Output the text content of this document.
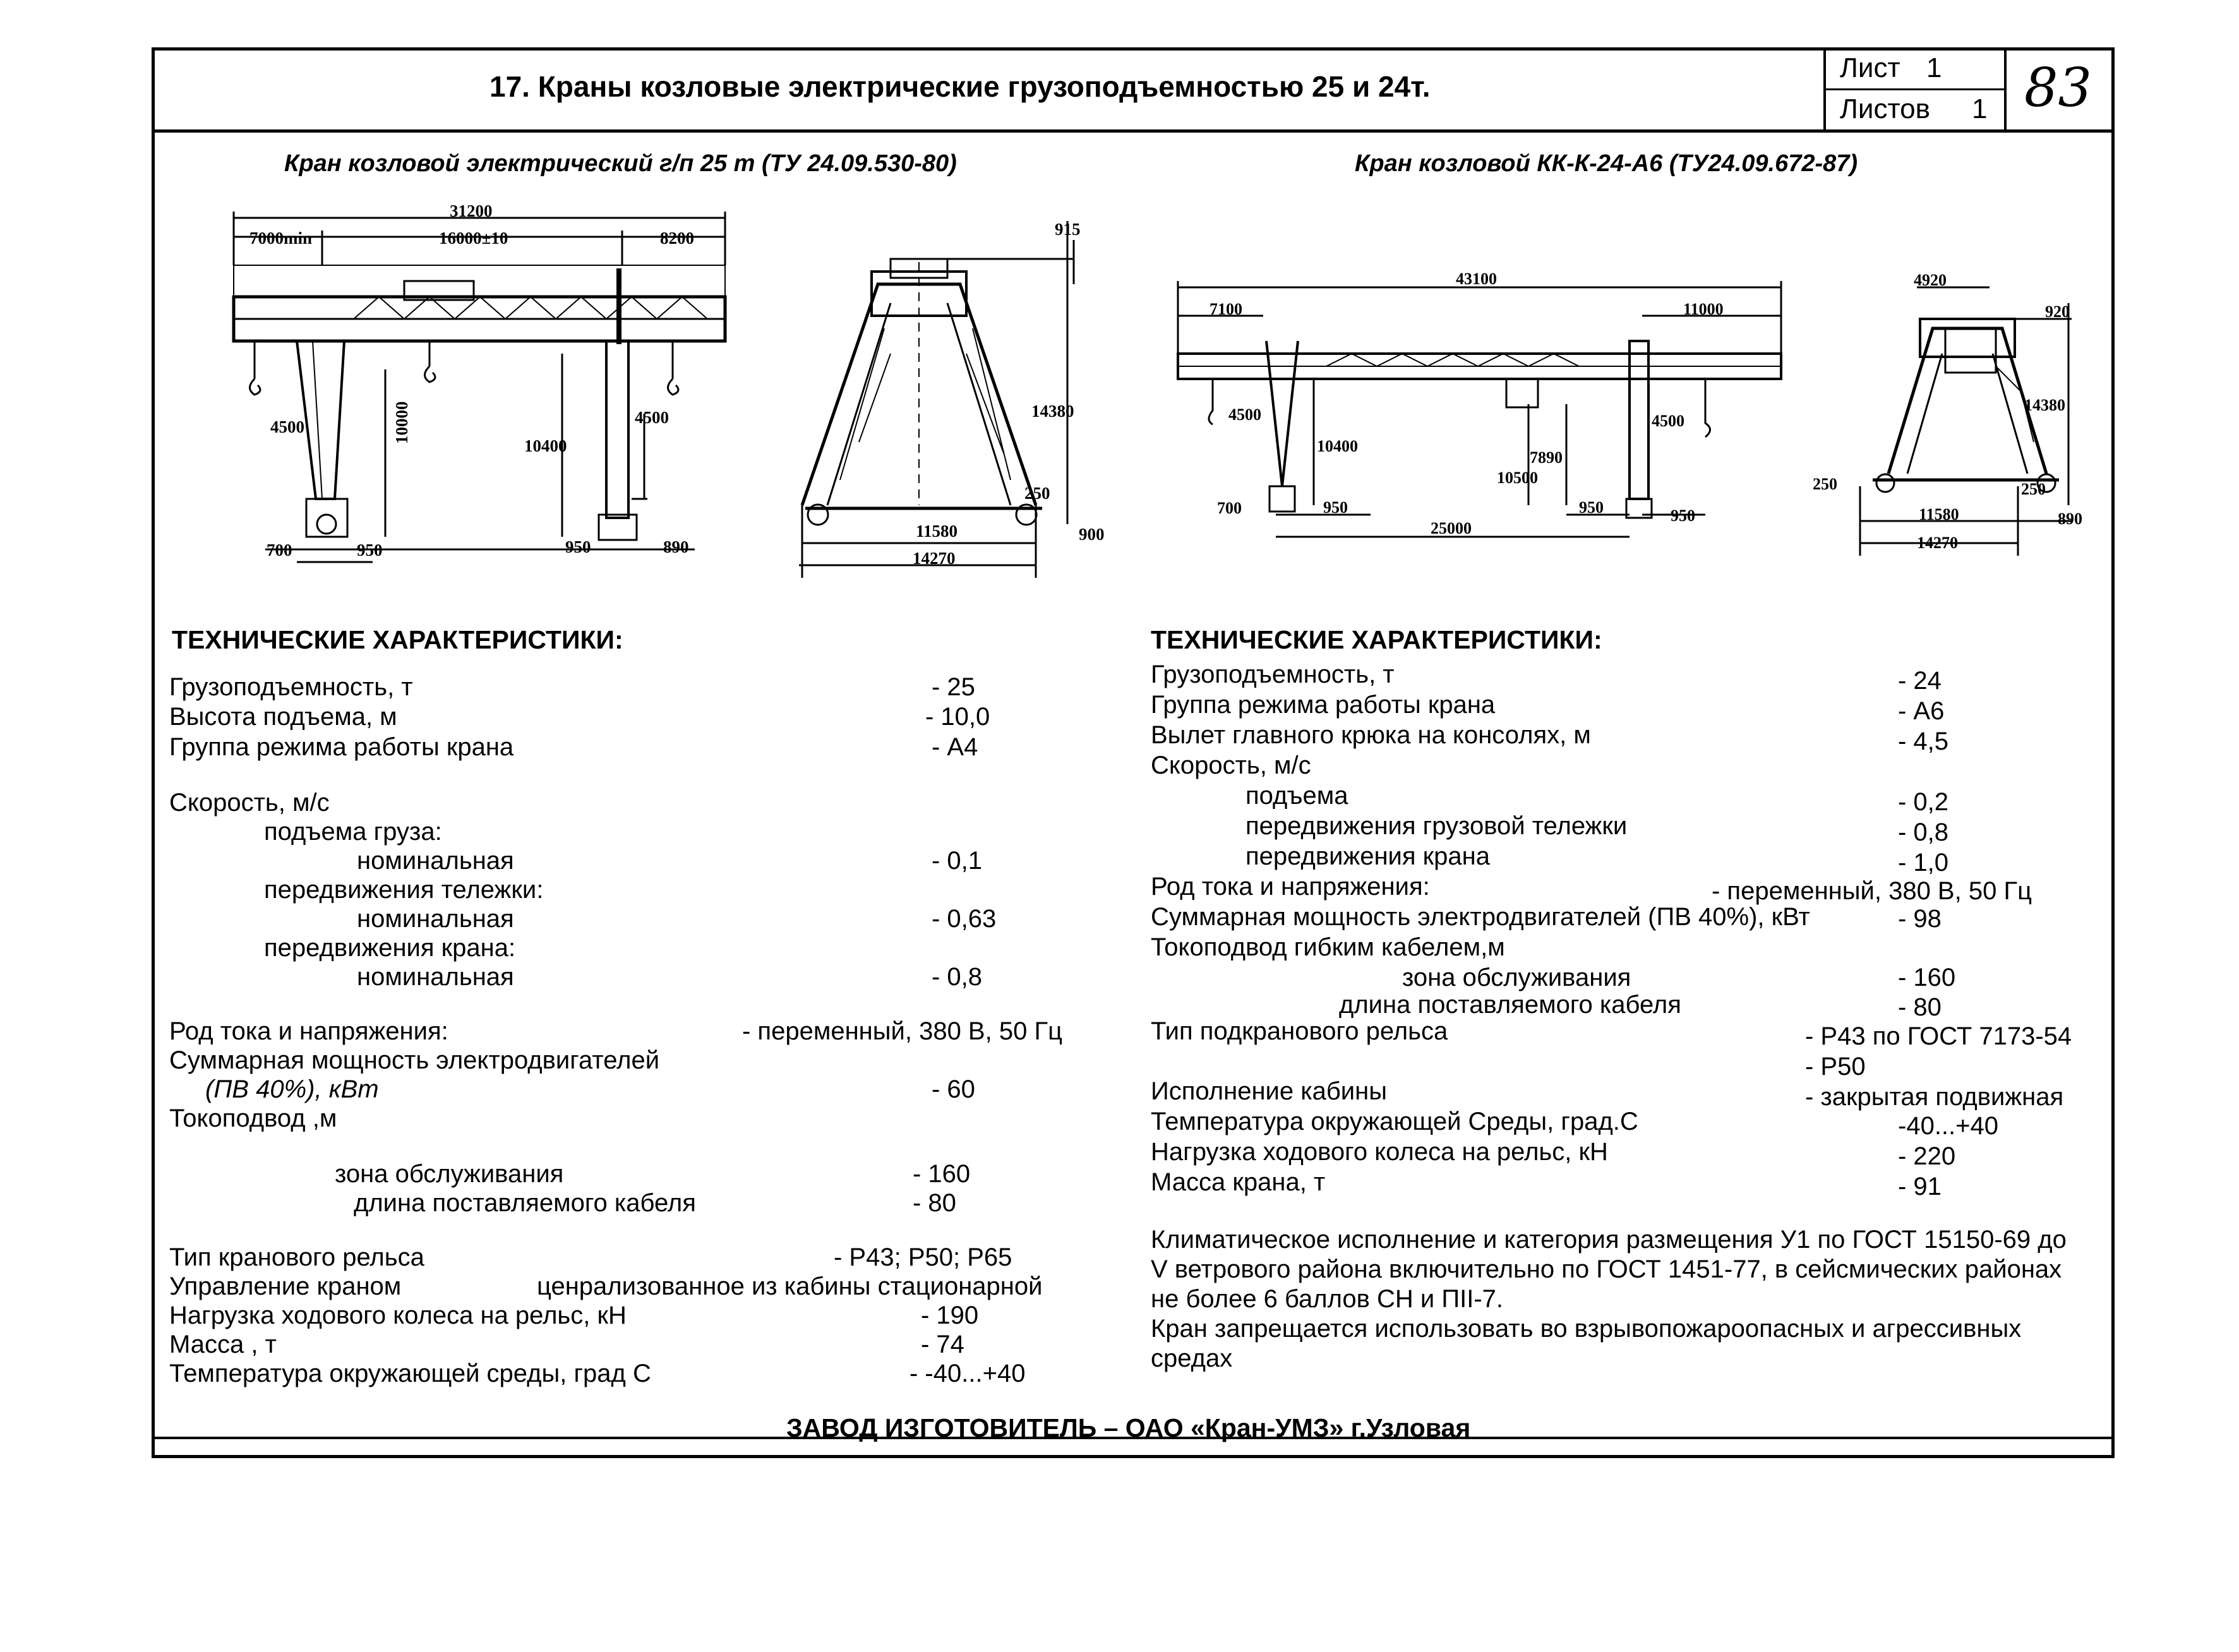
17. Краны козловые электрические грузоподъемностью 25 и 24т.
Лист 1
Листов 1 83
Кран козловой электрический г/п 25 т (ТУ 24.09.530-80)	Кран козловой КК-К-24-А6 (ТУ24.09.672-87)
31200
7000min	16000±10	8200	915
4500	10000
10400
4500	14380
250
700	950	950	890
11580
14270
900
43100
7100	11000
4920
920
4500	4500
10400
7890
10500
14380
250	250
700	950
25000
950	950	11580
14270
890
ТЕХНИЧЕСКИЕ ХАРАКТЕРИСТИКИ:
Грузоподъемность, т	- 25
Высота подъема, м	- 10,0
Группа режима работы крана	- А4
Скорость, м/с
подъема груза:
номинальная	- 0,1
передвижения тележки:
номинальная	- 0,63
передвижения крана:
номинальная	- 0,8
Род тока и напряжения:	- переменный, 380 В, 50 Гц
Суммарная мощность электродвигателей
(ПВ 40%), кВт	- 60
Токоподвод ,м
зона обслуживания	- 160
длина поставляемого кабеля	- 80
Тип кранового рельса	- Р43; Р50; Р65
Управление краном	ценрализованное из кабины стационарной
Нагрузка ходового колеса на рельс, кН	- 190
Масса , т	- 74
Температура окружающей среды, град С	- -40...+40
ТЕХНИЧЕСКИЕ ХАРАКТЕРИСТИКИ:
Грузоподъемность, т	- 24
Группа режима работы крана	- А6
Вылет главного крюка на консолях, м	- 4,5
Скорость, м/с
подъема	- 0,2
передвижения грузовой тележки	- 0,8
передвижения крана	- 1,0
Род тока и напряжения:	- переменный, 380 В, 50 Гц
Суммарная мощность электродвигателей (ПВ 40%), кВт	- 98
Токоподвод гибким кабелем,м
зона обслуживания	- 160
длина поставляемого кабеля	- 80
Тип подкранового рельса	- Р43 по ГОСТ 7173-54
- Р50
Исполнение кабины	- закрытая подвижная
Температура окружающей Среды, град.С	-40...+40
Нагрузка ходового колеса на рельс, кН	- 220
Масса крана, т	- 91
Климатическое исполнение и категория размещения У1 по ГОСТ 15150-69 до
V ветрового района включительно по ГОСТ 1451-77, в сейсмических районах
не более 6 баллов СН и ПII-7.
Кран запрещается использовать во взрывопожароопасных и агрессивных
средах
ЗАВОД ИЗГОТОВИТЕЛЬ – ОАО «Кран-УМЗ» г.Узловая
